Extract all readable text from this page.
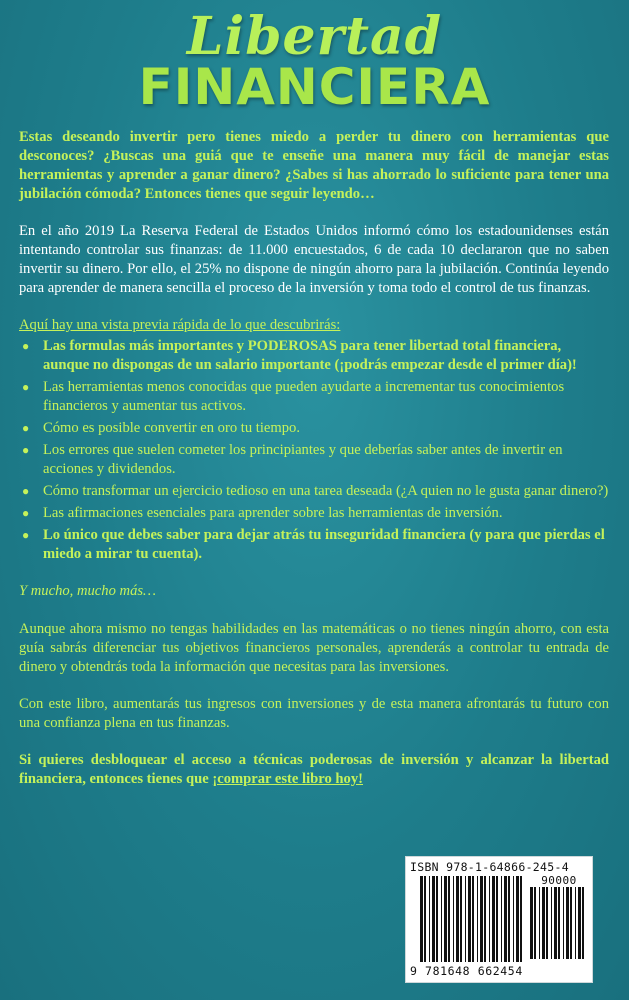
Libertad
FINANCIERA

Estas deseando invertir pero tienes miedo a perder tu dinero con herramientas que desconoces? ¿Buscas una guiá que te enseñe una manera muy fácil de manejar estas herramientas y aprender a ganar dinero? ¿Sabes si has ahorrado lo suficiente para tener una jubilación cómoda? Entonces tienes que seguir leyendo…

En el año 2019 La Reserva Federal de Estados Unidos informó cómo los estadounidenses están intentando controlar sus finanzas: de 11.000 encuestados, 6 de cada 10 declararon que no saben invertir su dinero. Por ello, el 25% no dispone de ningún ahorro para la jubilación. Continúa leyendo para aprender de manera sencilla el proceso de la inversión y toma todo el control de tus finanzas.

Aquí hay una vista previa rápida de lo que descubrirás:

● Las formulas más importantes y PODEROSAS para tener libertad total financiera, aunque no dispongas de un salario importante (¡podrás empezar desde el primer día)!
● Las herramientas menos conocidas que pueden ayudarte a incrementar tus conocimientos financieros y aumentar tus activos.
● Cómo es posible convertir en oro tu tiempo.
● Los errores que suelen cometer los principiantes y que deberías saber antes de invertir en acciones y dividendos.
● Cómo transformar un ejercicio tedioso en una tarea deseada (¿A quien no le gusta ganar dinero?)
● Las afirmaciones esenciales para aprender sobre las herramientas de inversión.
● Lo único que debes saber para dejar atrás tu inseguridad financiera (y para que pierdas el miedo a mirar tu cuenta).

Y mucho, mucho más…

Aunque ahora mismo no tengas habilidades en las matemáticas o no tienes ningún ahorro, con esta guía sabrás diferenciar tus objetivos financieros personales, aprenderás a controlar tu entrada de dinero y obtendrás toda la información que necesitas para las inversiones.

Con este libro, aumentarás tus ingresos con inversiones y de esta manera afrontarás tu futuro con una confianza plena en tus finanzas.

Si quieres desbloquear el acceso a técnicas poderosas de inversión y alcanzar la libertad financiera, entonces tienes que ¡comprar este libro hoy!

ISBN 978-1-64866-245-4
90000
9 781648 662454
